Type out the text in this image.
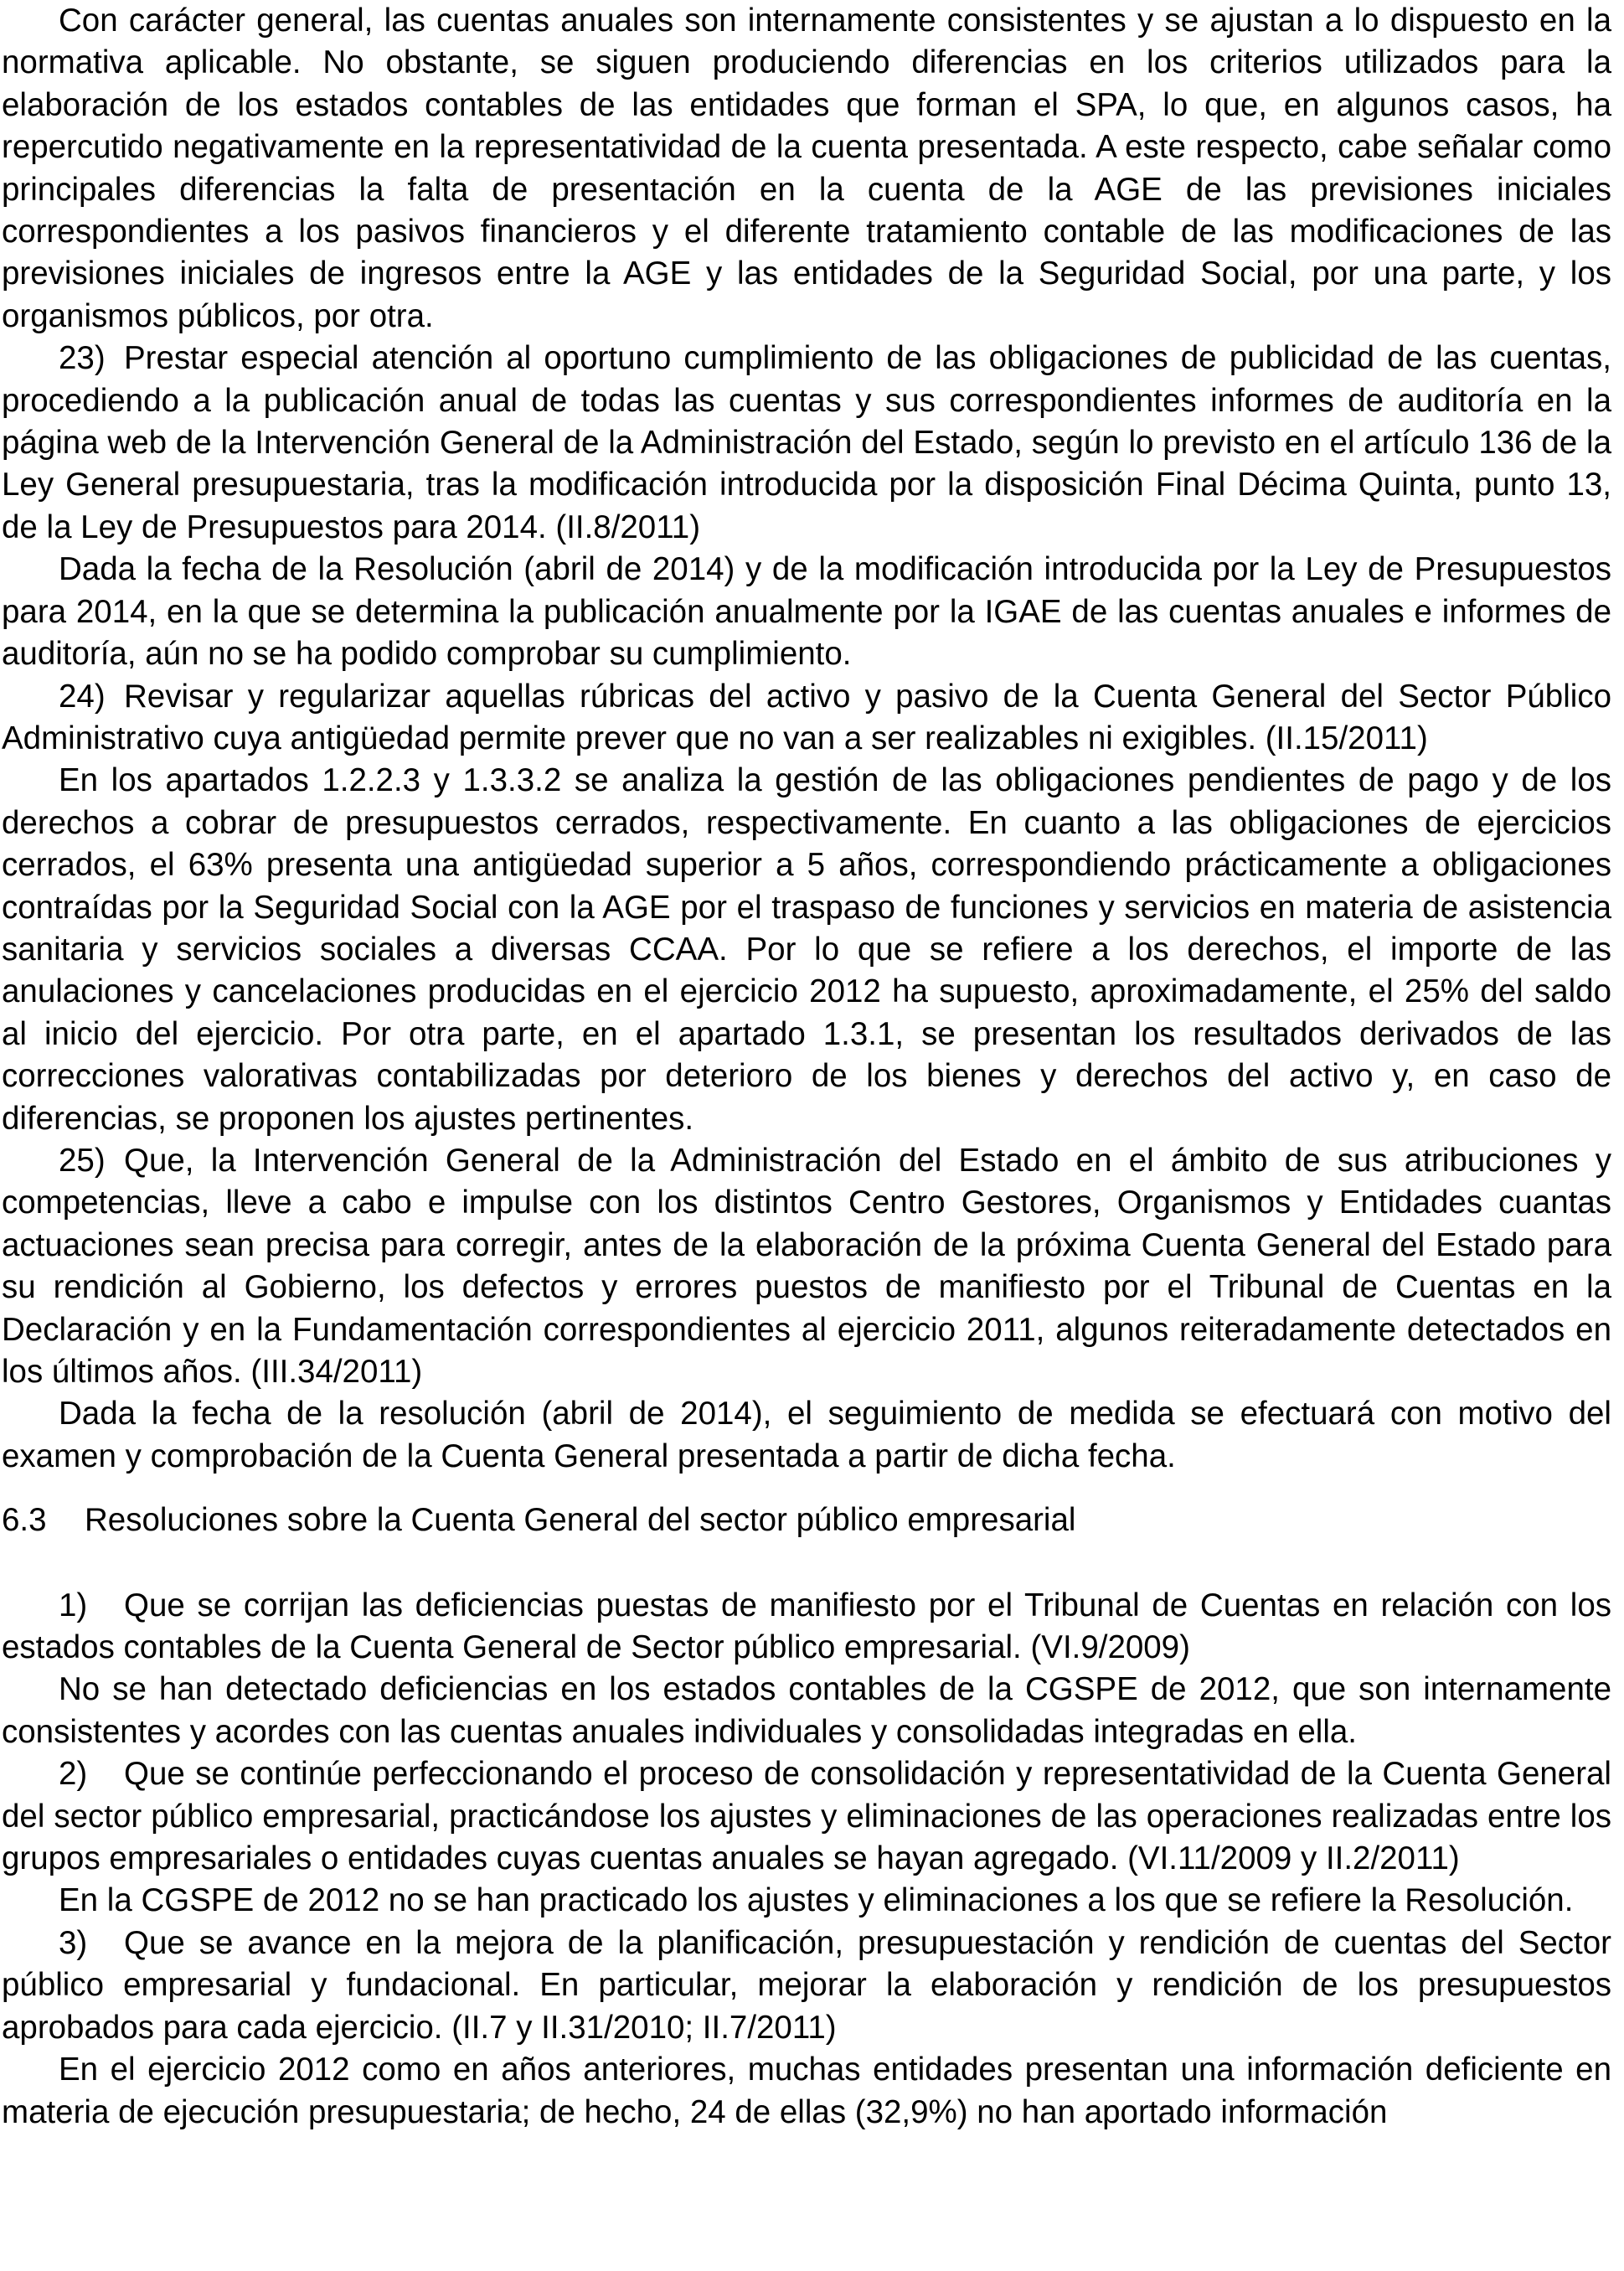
Con carácter general, las cuentas anuales son internamente consistentes y se ajustan a lo dispuesto en la normativa aplicable. No obstante, se siguen produciendo diferencias en los criterios utilizados para la elaboración de los estados contables de las entidades que forman el SPA, lo que, en algunos casos, ha repercutido negativamente en la representatividad de la cuenta presentada. A este respecto, cabe señalar como principales diferencias la falta de presentación en la cuenta de la AGE de las previsiones iniciales correspondientes a los pasivos financieros y el diferente tratamiento contable de las modificaciones de las previsiones iniciales de ingresos entre la AGE y las entidades de la Seguridad Social, por una parte, y los organismos públicos, por otra.

23) Prestar especial atención al oportuno cumplimiento de las obligaciones de publicidad de las cuentas, procediendo a la publicación anual de todas las cuentas y sus correspondientes informes de auditoría en la página web de la Intervención General de la Administración del Estado, según lo previsto en el artículo 136 de la Ley General presupuestaria, tras la modificación introducida por la disposición Final Décima Quinta, punto 13, de la Ley de Presupuestos para 2014. (II.8/2011)

Dada la fecha de la Resolución (abril de 2014) y de la modificación introducida por la Ley de Presupuestos para 2014, en la que se determina la publicación anualmente por la IGAE de las cuentas anuales e informes de auditoría, aún no se ha podido comprobar su cumplimiento.

24) Revisar y regularizar aquellas rúbricas del activo y pasivo de la Cuenta General del Sector Público Administrativo cuya antigüedad permite prever que no van a ser realizables ni exigibles. (II.15/2011)

En los apartados 1.2.2.3 y 1.3.3.2 se analiza la gestión de las obligaciones pendientes de pago y de los derechos a cobrar de presupuestos cerrados, respectivamente. En cuanto a las obligaciones de ejercicios cerrados, el 63% presenta una antigüedad superior a 5 años, correspondiendo prácticamente a obligaciones contraídas por la Seguridad Social con la AGE por el traspaso de funciones y servicios en materia de asistencia sanitaria y servicios sociales a diversas CCAA. Por lo que se refiere a los derechos, el importe de las anulaciones y cancelaciones producidas en el ejercicio 2012 ha supuesto, aproximadamente, el 25% del saldo al inicio del ejercicio. Por otra parte, en el apartado 1.3.1, se presentan los resultados derivados de las correcciones valorativas contabilizadas por deterioro de los bienes y derechos del activo y, en caso de diferencias, se proponen los ajustes pertinentes.

25) Que, la Intervención General de la Administración del Estado en el ámbito de sus atribuciones y competencias, lleve a cabo e impulse con los distintos Centro Gestores, Organismos y Entidades cuantas actuaciones sean precisa para corregir, antes de la elaboración de la próxima Cuenta General del Estado para su rendición al Gobierno, los defectos y errores puestos de manifiesto por el Tribunal de Cuentas en la Declaración y en la Fundamentación correspondientes al ejercicio 2011, algunos reiteradamente detectados en los últimos años. (III.34/2011)

Dada la fecha de la resolución (abril de 2014), el seguimiento de medida se efectuará con motivo del examen y comprobación de la Cuenta General presentada a partir de dicha fecha.

6.3 Resoluciones sobre la Cuenta General del sector público empresarial

1) Que se corrijan las deficiencias puestas de manifiesto por el Tribunal de Cuentas en relación con los estados contables de la Cuenta General de Sector público empresarial. (VI.9/2009)

No se han detectado deficiencias en los estados contables de la CGSPE de 2012, que son internamente consistentes y acordes con las cuentas anuales individuales y consolidadas integradas en ella.

2) Que se continúe perfeccionando el proceso de consolidación y representatividad de la Cuenta General del sector público empresarial, practicándose los ajustes y eliminaciones de las operaciones realizadas entre los grupos empresariales o entidades cuyas cuentas anuales se hayan agregado. (VI.11/2009 y II.2/2011)

En la CGSPE de 2012 no se han practicado los ajustes y eliminaciones a los que se refiere la Resolución.

3) Que se avance en la mejora de la planificación, presupuestación y rendición de cuentas del Sector público empresarial y fundacional. En particular, mejorar la elaboración y rendición de los presupuestos aprobados para cada ejercicio. (II.7 y II.31/2010; II.7/2011)

En el ejercicio 2012 como en años anteriores, muchas entidades presentan una información deficiente en materia de ejecución presupuestaria; de hecho, 24 de ellas (32,9%) no han aportado información
